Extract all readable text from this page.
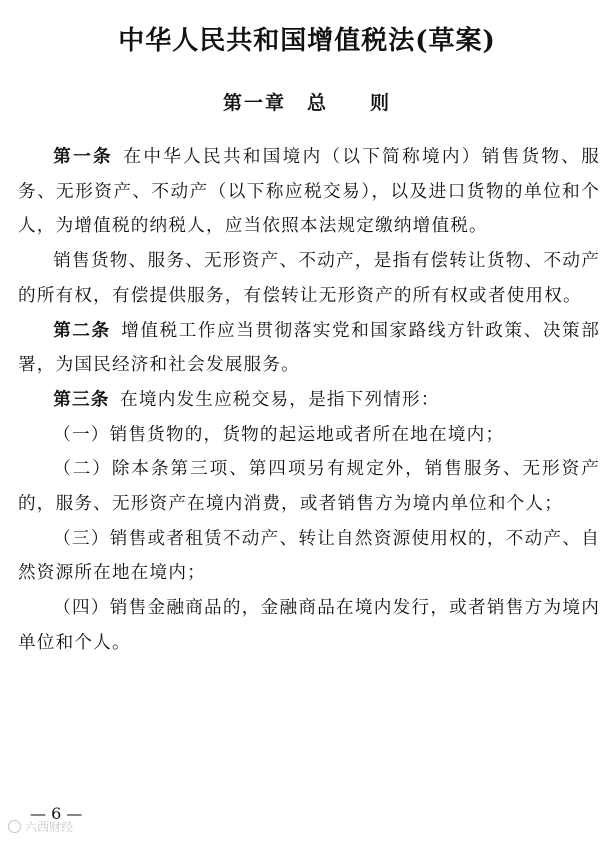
中华人民共和国增值税法(草案)
第一章　总　　则

第一条 在中华人民共和国境内（以下简称境内）销售货物、服务、无形资产、不动产（以下称应税交易），以及进口货物的单位和个人，为增值税的纳税人，应当依照本法规定缴纳增值税。

销售货物、服务、无形资产、不动产，是指有偿转让货物、不动产的所有权，有偿提供服务，有偿转让无形资产的所有权或者使用权。

第二条 增值税工作应当贯彻落实党和国家路线方针政策、决策部署，为国民经济和社会发展服务。

第三条 在境内发生应税交易，是指下列情形：

（一）销售货物的，货物的起运地或者所在地在境内；

（二）除本条第三项、第四项另有规定外，销售服务、无形资产的，服务、无形资产在境内消费，或者销售方为境内单位和个人；

（三）销售或者租赁不动产、转让自然资源使用权的，不动产、自然资源所在地在境内；

（四）销售金融商品的，金融商品在境内发行，或者销售方为境内单位和个人。

— 6 —
六西财经
